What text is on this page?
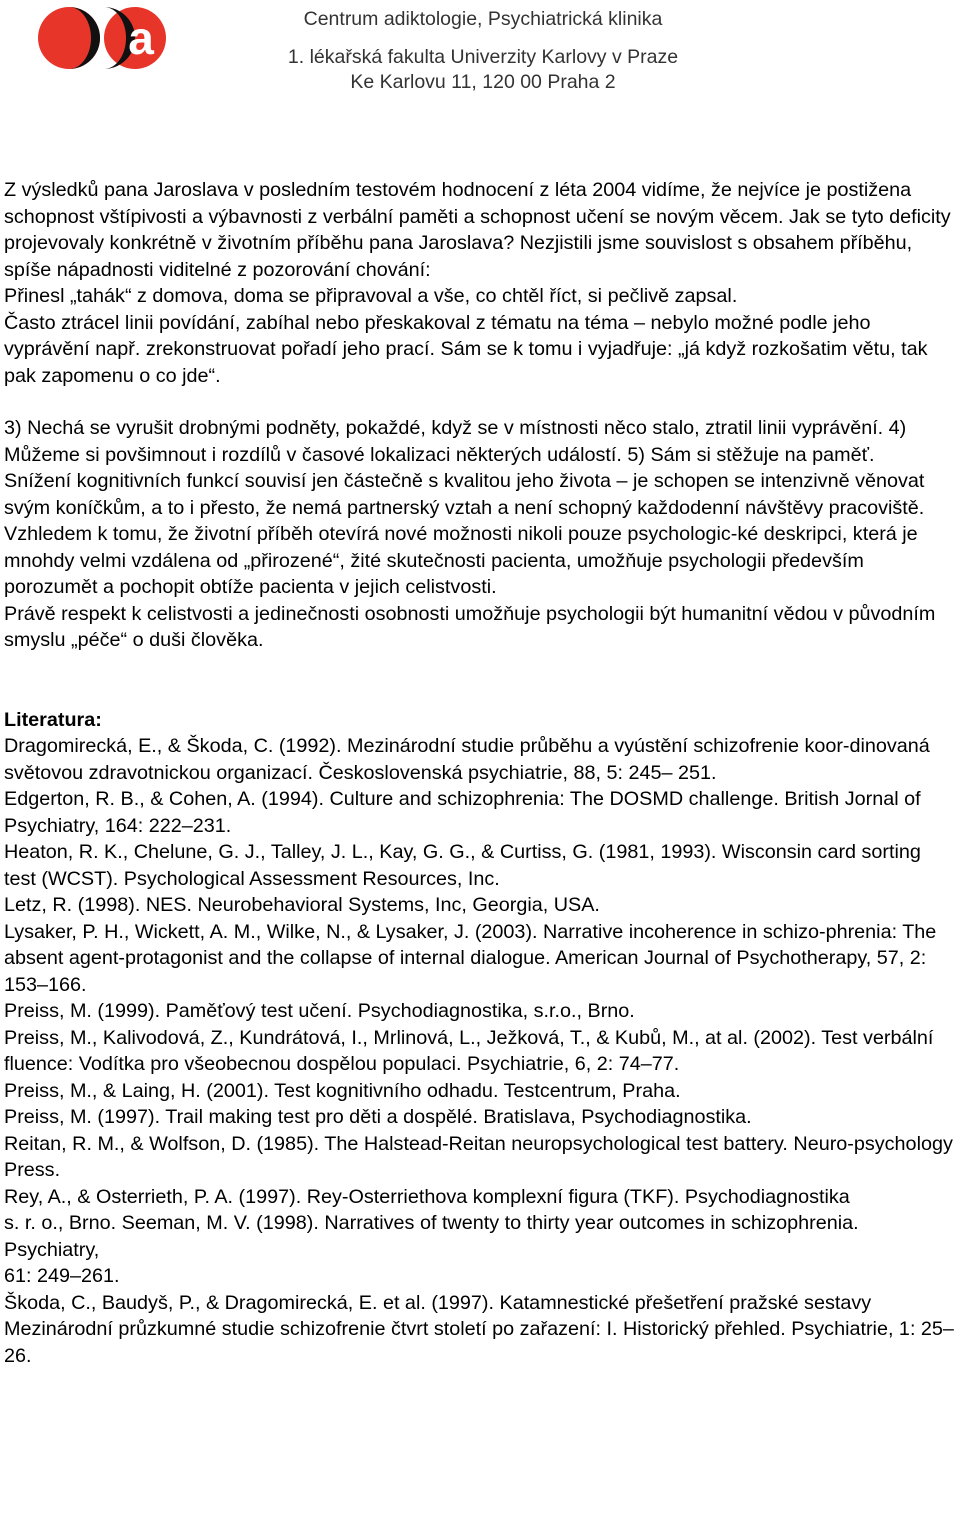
a	Centrum adiktologie, Psychiatrická klinika
1. lékařská fakulta Univerzity Karlovy v Praze
Ke Karlovu 11, 120 00 Praha 2

Z výsledků pana Jaroslava v posledním testovém hodnocení z léta 2004 vidíme, že nejvíce je postižena schopnost vštípivosti a výbavnosti z verbální paměti a schopnost učení se novým věcem. Jak se tyto deficity projevovaly konkrétně v životním příběhu pana Jaroslava? Nezjistili jsme souvislost s obsahem příběhu, spíše nápadnosti viditelné z pozorování chování:

Přinesl „tahák“ z domova, doma se připravoval a vše, co chtěl říct, si pečlivě zapsal.

Často ztrácel linii povídání, zabíhal nebo přeskakoval z tématu na téma – nebylo možné podle jeho vyprávění např. zrekonstruovat pořadí jeho prací. Sám se k tomu i vyjadřuje: „já když rozkošatim větu, tak pak zapomenu o co jde“.

3) Nechá se vyrušit drobnými podněty, pokaždé, když se v místnosti něco stalo, ztratil linii vyprávění. 4) Můžeme si povšimnout i rozdílů v časové lokalizaci některých událostí. 5) Sám si stěžuje na paměť.

Snížení kognitivních funkcí souvisí jen částečně s kvalitou jeho života – je schopen se intenzivně věnovat svým koníčkům, a to i přesto, že nemá partnerský vztah a není schopný každodenní návštěvy pracoviště.

Vzhledem k tomu, že životní příběh otevírá nové možnosti nikoli pouze psychologic-ké deskripci, která je mnohdy velmi vzdálena od „přirozené“, žité skutečnosti pacienta, umožňuje psychologii především porozumět a pochopit obtíže pacienta v jejich celistvosti.

Právě respekt k celistvosti a jedinečnosti osobnosti umožňuje psychologii být humanitní vědou v původním smyslu „péče“ o duši člověka.

Literatura:

Dragomirecká, E., & Škoda, C. (1992). Mezinárodní studie průběhu a vyústění schizofrenie koor-dinovaná světovou zdravotnickou organizací. Československá psychiatrie, 88, 5: 245– 251.

Edgerton, R. B., & Cohen, A. (1994). Culture and schizophrenia: The DOSMD challenge. British Jornal of Psychiatry, 164: 222–231.

Heaton, R. K., Chelune, G. J., Talley, J. L., Kay, G. G., & Curtiss, G. (1981, 1993). Wisconsin card sorting test (WCST). Psychological Assessment Resources, Inc.

Letz, R. (1998). NES. Neurobehavioral Systems, Inc, Georgia, USA.

Lysaker, P. H., Wickett, A. M., Wilke, N., & Lysaker, J. (2003). Narrative incoherence in schizo-phrenia: The absent agent-protagonist and the collapse of internal dialogue. American Journal of Psychotherapy, 57, 2: 153–166.

Preiss, M. (1999). Paměťový test učení. Psychodiagnostika, s.r.o., Brno.

Preiss, M., Kalivodová, Z., Kundrátová, I., Mrlinová, L., Ježková, T., & Kubů, M., at al. (2002). Test verbální fluence: Vodítka pro všeobecnou dospělou populaci. Psychiatrie, 6, 2: 74–77.

Preiss, M., & Laing, H. (2001). Test kognitivního odhadu. Testcentrum, Praha.

Preiss, M. (1997). Trail making test pro děti a dospělé. Bratislava, Psychodiagnostika.

Reitan, R. M., & Wolfson, D. (1985). The Halstead-Reitan neuropsychological test battery. Neuro-psychology Press.

Rey, A., & Osterrieth, P. A. (1997). Rey-Osterriethova komplexní figura (TKF). Psychodiagnostika

s. r. o., Brno. Seeman, M. V. (1998). Narratives of twenty to thirty year outcomes in schizophrenia. Psychiatry,

61: 249–261.

Škoda, C., Baudyš, P., & Dragomirecká, E. et al. (1997). Katamnestické přešetření pražské sestavy Mezinárodní průzkumné studie schizofrenie čtvrt století po zařazení: I. Historický přehled. Psychiatrie, 1: 25–26.
